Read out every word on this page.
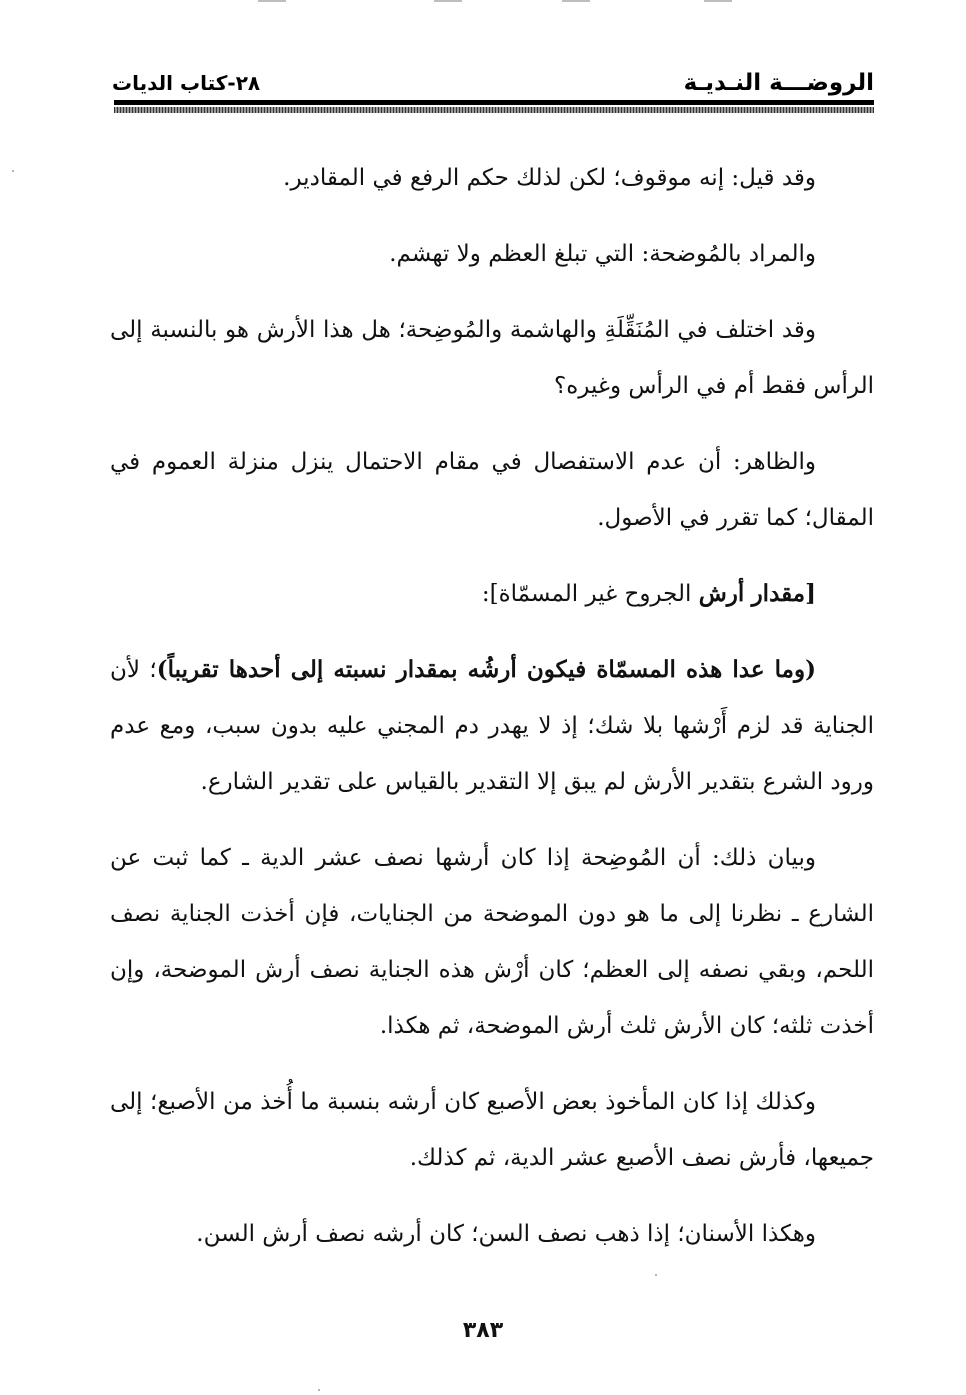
الروضـــة النـديـة
٢٨-كتاب الديات

وقد قيل: إنه موقوف؛ لكن لذلك حكم الرفع في المقادير.

والمراد بالمُوضحة: التي تبلغ العظم ولا تهشم.

وقد اختلف في المُنَقِّلَةِ والهاشمة والمُوضِحة؛ هل هذا الأرش هو بالنسبة إلى الرأس فقط أم في الرأس وغيره؟

والظاهر: أن عدم الاستفصال في مقام الاحتمال ينزل منزلة العموم في المقال؛ كما تقرر في الأصول.

[مقدار أرش الجروح غير المسمّاة]:

(وما عدا هذه المسمّاة فيكون أرشُه بمقدار نسبته إلى أحدها تقريباً)؛ لأن الجناية قد لزم أَرْشها بلا شك؛ إذ لا يهدر دم المجني عليه بدون سبب، ومع عدم ورود الشرع بتقدير الأرش لم يبق إلا التقدير بالقياس على تقدير الشارع.

وبيان ذلك: أن المُوضِحة إذا كان أرشها نصف عشر الدية ـ كما ثبت عن الشارع ـ نظرنا إلى ما هو دون الموضحة من الجنايات، فإن أخذت الجناية نصف اللحم، وبقي نصفه إلى العظم؛ كان أرْش هذه الجناية نصف أرش الموضحة، وإن أخذت ثلثه؛ كان الأرش ثلث أرش الموضحة، ثم هكذا.

وكذلك إذا كان المأخوذ بعض الأصبع كان أرشه بنسبة ما أُخذ من الأصبع؛ إلى جميعها، فأرش نصف الأصبع عشر الدية، ثم كذلك.

وهكذا الأسنان؛ إذا ذهب نصف السن؛ كان أرشه نصف أرش السن.

٣٨٣
